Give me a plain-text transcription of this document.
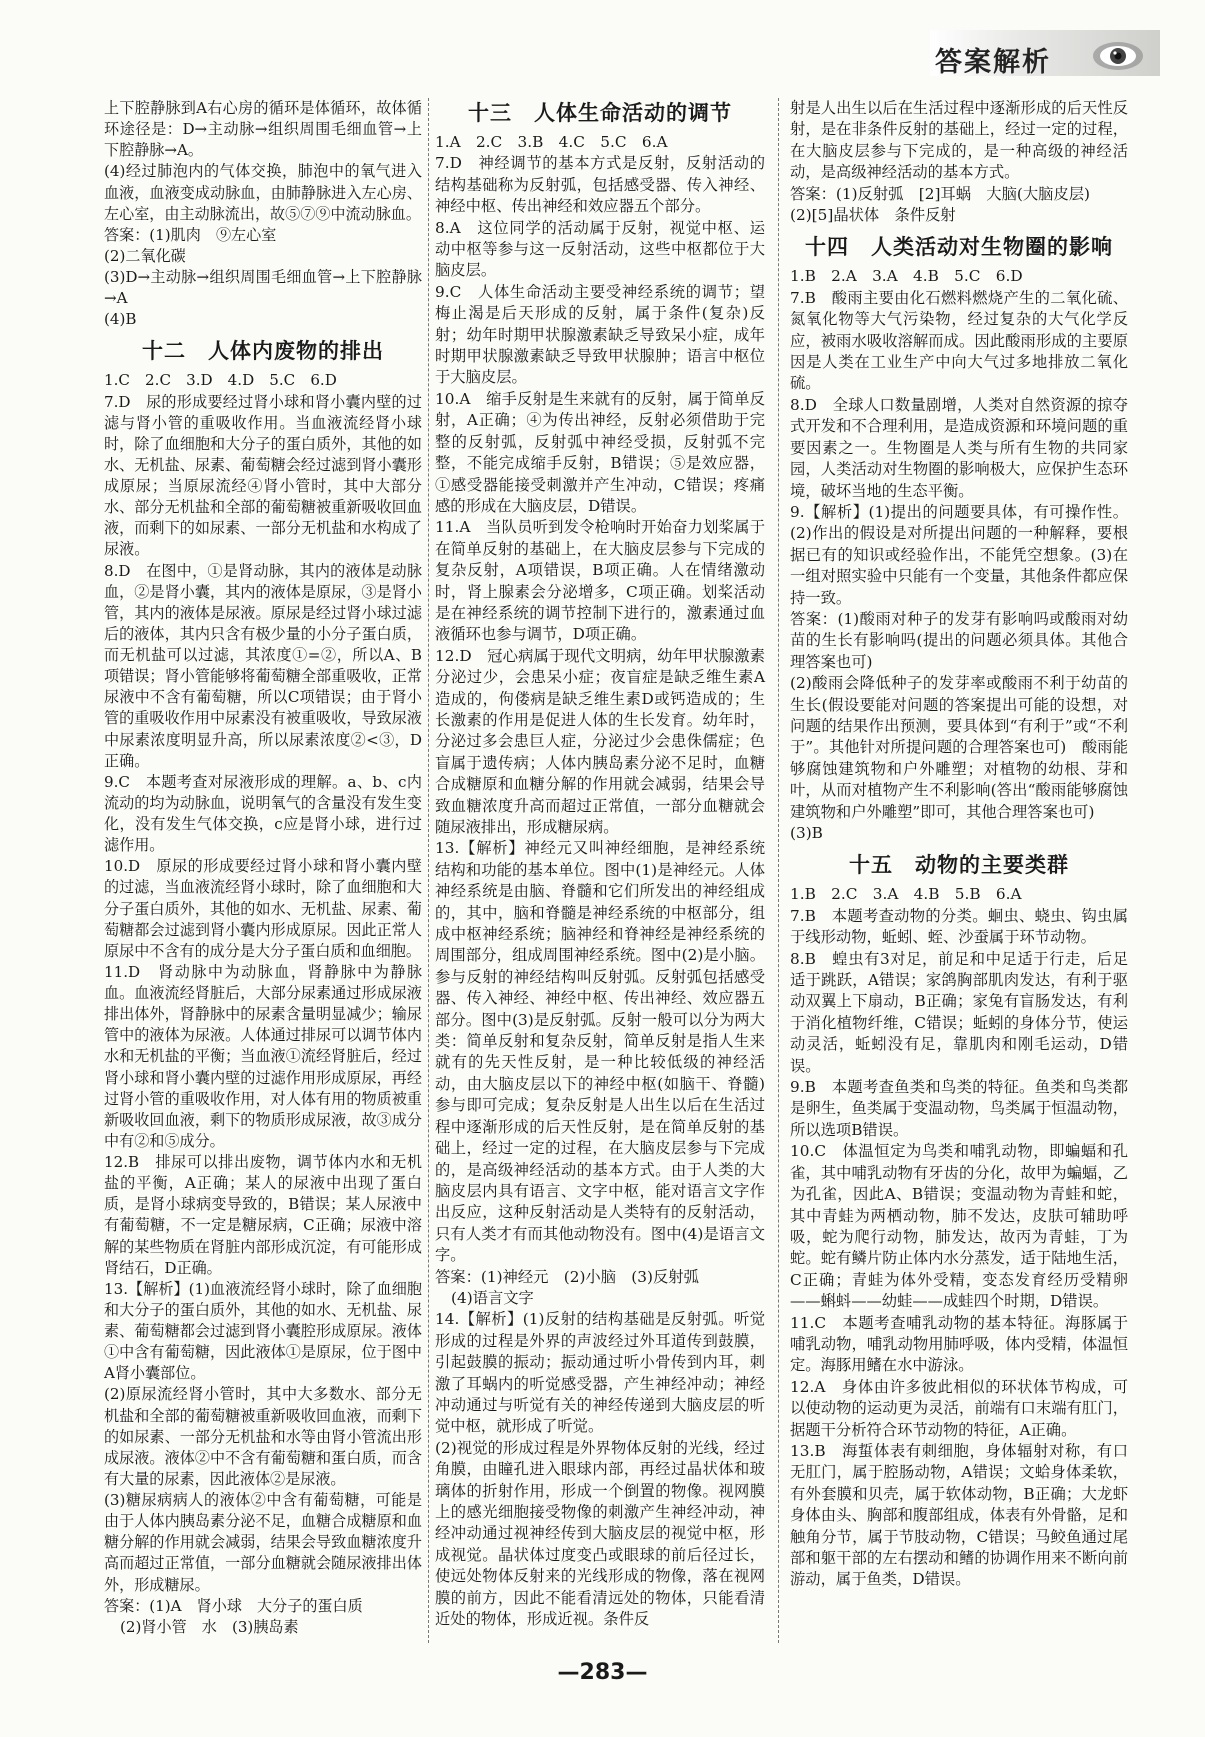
答案解析

上下腔静脉到A右心房的循环是体循环，故体循环途径是：D→主动脉→组织周围毛细血管→上下腔静脉→A。

(4)经过肺泡内的气体交换，肺泡中的氧气进入血液，血液变成动脉血，由肺静脉进入左心房、左心室，由主动脉流出，故⑤⑦⑨中流动脉血。

答案：(1)肌肉　⑨左心室

(2)二氧化碳

(3)D→主动脉→组织周围毛细血管→上下腔静脉→A

(4)B

十二　人体内废物的排出

1.C　2.C　3.D　4.D　5.C　6.D

7.D　尿的形成要经过肾小球和肾小囊内壁的过滤与肾小管的重吸收作用。当血液流经肾小球时，除了血细胞和大分子的蛋白质外，其他的如水、无机盐、尿素、葡萄糖会经过滤到肾小囊形成原尿；当原尿流经④肾小管时，其中大部分水、部分无机盐和全部的葡萄糖被重新吸收回血液，而剩下的如尿素、一部分无机盐和水构成了尿液。

8.D　在图中，①是肾动脉，其内的液体是动脉血，②是肾小囊，其内的液体是原尿，③是肾小管，其内的液体是尿液。原尿是经过肾小球过滤后的液体，其内只含有极少量的小分子蛋白质，而无机盐可以过滤，其浓度①=②，所以A、B项错误；肾小管能够将葡萄糖全部重吸收，正常尿液中不含有葡萄糖，所以C项错误；由于肾小管的重吸收作用中尿素没有被重吸收，导致尿液中尿素浓度明显升高，所以尿素浓度②<③，D正确。

9.C　本题考查对尿液形成的理解。a、b、c内流动的均为动脉血，说明氧气的含量没有发生变化，没有发生气体交换，c应是肾小球，进行过滤作用。

10.D　原尿的形成要经过肾小球和肾小囊内壁的过滤，当血液流经肾小球时，除了血细胞和大分子蛋白质外，其他的如水、无机盐、尿素、葡萄糖都会过滤到肾小囊内形成原尿。因此正常人原尿中不含有的成分是大分子蛋白质和血细胞。

11.D　肾动脉中为动脉血，肾静脉中为静脉血。血液流经肾脏后，大部分尿素通过形成尿液排出体外，肾静脉中的尿素含量明显减少；输尿管中的液体为尿液。人体通过排尿可以调节体内水和无机盐的平衡；当血液①流经肾脏后，经过肾小球和肾小囊内壁的过滤作用形成原尿，再经过肾小管的重吸收作用，对人体有用的物质被重新吸收回血液，剩下的物质形成尿液，故③成分中有②和⑤成分。

12.B　排尿可以排出废物，调节体内水和无机盐的平衡，A正确；某人的尿液中出现了蛋白质，是肾小球病变导致的，B错误；某人尿液中有葡萄糖，不一定是糖尿病，C正确；尿液中溶解的某些物质在肾脏内部形成沉淀，有可能形成肾结石，D正确。

13.【解析】(1)血液流经肾小球时，除了血细胞和大分子的蛋白质外，其他的如水、无机盐、尿素、葡萄糖都会过滤到肾小囊腔形成原尿。液体①中含有葡萄糖，因此液体①是原尿，位于图中A肾小囊部位。

(2)原尿流经肾小管时，其中大多数水、部分无机盐和全部的葡萄糖被重新吸收回血液，而剩下的如尿素、一部分无机盐和水等由肾小管流出形成尿液。液体②中不含有葡萄糖和蛋白质，而含有大量的尿素，因此液体②是尿液。

(3)糖尿病病人的液体②中含有葡萄糖，可能是由于人体内胰岛素分泌不足，血糖合成糖原和血糖分解的作用就会减弱，结果会导致血糖浓度升高而超过正常值，一部分血糖就会随尿液排出体外，形成糖尿。

答案：(1)A　肾小球　大分子的蛋白质

(2)肾小管　水　(3)胰岛素

十三　人体生命活动的调节

1.A　2.C　3.B　4.C　5.C　6.A

7.D　神经调节的基本方式是反射，反射活动的结构基础称为反射弧，包括感受器、传入神经、神经中枢、传出神经和效应器五个部分。

8.A　这位同学的活动属于反射，视觉中枢、运动中枢等参与这一反射活动，这些中枢都位于大脑皮层。

9.C　人体生命活动主要受神经系统的调节；望梅止渴是后天形成的反射，属于条件(复杂)反射；幼年时期甲状腺激素缺乏导致呆小症，成年时期甲状腺激素缺乏导致甲状腺肿；语言中枢位于大脑皮层。

10.A　缩手反射是生来就有的反射，属于简单反射，A正确；④为传出神经，反射必须借助于完整的反射弧，反射弧中神经受损，反射弧不完整，不能完成缩手反射，B错误；⑤是效应器，①感受器能接受刺激并产生冲动，C错误；疼痛感的形成在大脑皮层，D错误。

11.A　当队员听到发令枪响时开始奋力划桨属于在简单反射的基础上，在大脑皮层参与下完成的复杂反射，A项错误，B项正确。人在情绪激动时，肾上腺素会分泌增多，C项正确。划桨活动是在神经系统的调节控制下进行的，激素通过血液循环也参与调节，D项正确。

12.D　冠心病属于现代文明病，幼年甲状腺激素分泌过少，会患呆小症；夜盲症是缺乏维生素A造成的，佝偻病是缺乏维生素D或钙造成的；生长激素的作用是促进人体的生长发育。幼年时，分泌过多会患巨人症，分泌过少会患侏儒症；色盲属于遗传病；人体内胰岛素分泌不足时，血糖合成糖原和血糖分解的作用就会减弱，结果会导致血糖浓度升高而超过正常值，一部分血糖就会随尿液排出，形成糖尿病。

13.【解析】神经元又叫神经细胞，是神经系统结构和功能的基本单位。图中(1)是神经元。人体神经系统是由脑、脊髓和它们所发出的神经组成的，其中，脑和脊髓是神经系统的中枢部分，组成中枢神经系统；脑神经和脊神经是神经系统的周围部分，组成周围神经系统。图中(2)是小脑。参与反射的神经结构叫反射弧。反射弧包括感受器、传入神经、神经中枢、传出神经、效应器五部分。图中(3)是反射弧。反射一般可以分为两大类：简单反射和复杂反射，简单反射是指人生来就有的先天性反射，是一种比较低级的神经活动，由大脑皮层以下的神经中枢(如脑干、脊髓)参与即可完成；复杂反射是人出生以后在生活过程中逐渐形成的后天性反射，是在简单反射的基础上，经过一定的过程，在大脑皮层参与下完成的，是高级神经活动的基本方式。由于人类的大脑皮层内具有语言、文字中枢，能对语言文字作出反应，这种反射活动是人类特有的反射活动，只有人类才有而其他动物没有。图中(4)是语言文字。

答案：(1)神经元　(2)小脑　(3)反射弧

(4)语言文字

14.【解析】(1)反射的结构基础是反射弧。听觉形成的过程是外界的声波经过外耳道传到鼓膜，引起鼓膜的振动；振动通过听小骨传到内耳，刺激了耳蜗内的听觉感受器，产生神经冲动；神经冲动通过与听觉有关的神经传递到大脑皮层的听觉中枢，就形成了听觉。

(2)视觉的形成过程是外界物体反射的光线，经过角膜，由瞳孔进入眼球内部，再经过晶状体和玻璃体的折射作用，形成一个倒置的物像。视网膜上的感光细胞接受物像的刺激产生神经冲动，神经冲动通过视神经传到大脑皮层的视觉中枢，形成视觉。晶状体过度变凸或眼球的前后径过长，使远处物体反射来的光线形成的物像，落在视网膜的前方，因此不能看清远处的物体，只能看清近处的物体，形成近视。条件反

射是人出生以后在生活过程中逐渐形成的后天性反射，是在非条件反射的基础上，经过一定的过程，在大脑皮层参与下完成的，是一种高级的神经活动，是高级神经活动的基本方式。

答案：(1)反射弧　[2]耳蜗　大脑(大脑皮层)

(2)[5]晶状体　条件反射

十四　人类活动对生物圈的影响

1.B　2.A　3.A　4.B　5.C　6.D

7.B　酸雨主要由化石燃料燃烧产生的二氧化硫、氮氧化物等大气污染物，经过复杂的大气化学反应，被雨水吸收溶解而成。因此酸雨形成的主要原因是人类在工业生产中向大气过多地排放二氧化硫。

8.D　全球人口数量剧增，人类对自然资源的掠夺式开发和不合理利用，是造成资源和环境问题的重要因素之一。生物圈是人类与所有生物的共同家园，人类活动对生物圈的影响极大，应保护生态环境，破坏当地的生态平衡。

9.【解析】(1)提出的问题要具体，有可操作性。(2)作出的假设是对所提出问题的一种解释，要根据已有的知识或经验作出，不能凭空想象。(3)在一组对照实验中只能有一个变量，其他条件都应保持一致。

答案：(1)酸雨对种子的发芽有影响吗或酸雨对幼苗的生长有影响吗(提出的问题必须具体。其他合理答案也可)

(2)酸雨会降低种子的发芽率或酸雨不利于幼苗的生长(假设要能对问题的答案提出可能的设想，对问题的结果作出预测，要具体到“有利于”或“不利于”。其他针对所提问题的合理答案也可)　酸雨能够腐蚀建筑物和户外雕塑；对植物的幼根、芽和叶，从而对植物产生不利影响(答出“酸雨能够腐蚀建筑物和户外雕塑”即可，其他合理答案也可)

(3)B

十五　动物的主要类群

1.B　2.C　3.A　4.B　5.B　6.A

7.B　本题考查动物的分类。蛔虫、蛲虫、钩虫属于线形动物，蚯蚓、蛭、沙蚕属于环节动物。

8.B　蝗虫有3对足，前足和中足适于行走，后足适于跳跃，A错误；家鸽胸部肌肉发达，有利于驱动双翼上下扇动，B正确；家兔有盲肠发达，有利于消化植物纤维，C错误；蚯蚓的身体分节，使运动灵活，蚯蚓没有足，靠肌肉和刚毛运动，D错误。

9.B　本题考查鱼类和鸟类的特征。鱼类和鸟类都是卵生，鱼类属于变温动物，鸟类属于恒温动物，所以选项B错误。

10.C　体温恒定为鸟类和哺乳动物，即蝙蝠和孔雀，其中哺乳动物有牙齿的分化，故甲为蝙蝠，乙为孔雀，因此A、B错误；变温动物为青蛙和蛇，其中青蛙为两栖动物，肺不发达，皮肤可辅助呼吸，蛇为爬行动物，肺发达，故丙为青蛙，丁为蛇。蛇有鳞片防止体内水分蒸发，适于陆地生活，C正确；青蛙为体外受精，变态发育经历受精卵——蝌蚪——幼蛙——成蛙四个时期，D错误。

11.C　本题考查哺乳动物的基本特征。海豚属于哺乳动物，哺乳动物用肺呼吸，体内受精，体温恒定。海豚用鳍在水中游泳。

12.A　身体由许多彼此相似的环状体节构成，可以使动物的运动更为灵活，前端有口末端有肛门，据题干分析符合环节动物的特征，A正确。

13.B　海蜇体表有刺细胞，身体辐射对称，有口无肛门，属于腔肠动物，A错误；文蛤身体柔软，有外套膜和贝壳，属于软体动物，B正确；大龙虾身体由头、胸部和腹部组成，体表有外骨骼，足和触角分节，属于节肢动物，C错误；马鲛鱼通过尾部和躯干部的左右摆动和鳍的协调作用来不断向前游动，属于鱼类，D错误。

—283—
